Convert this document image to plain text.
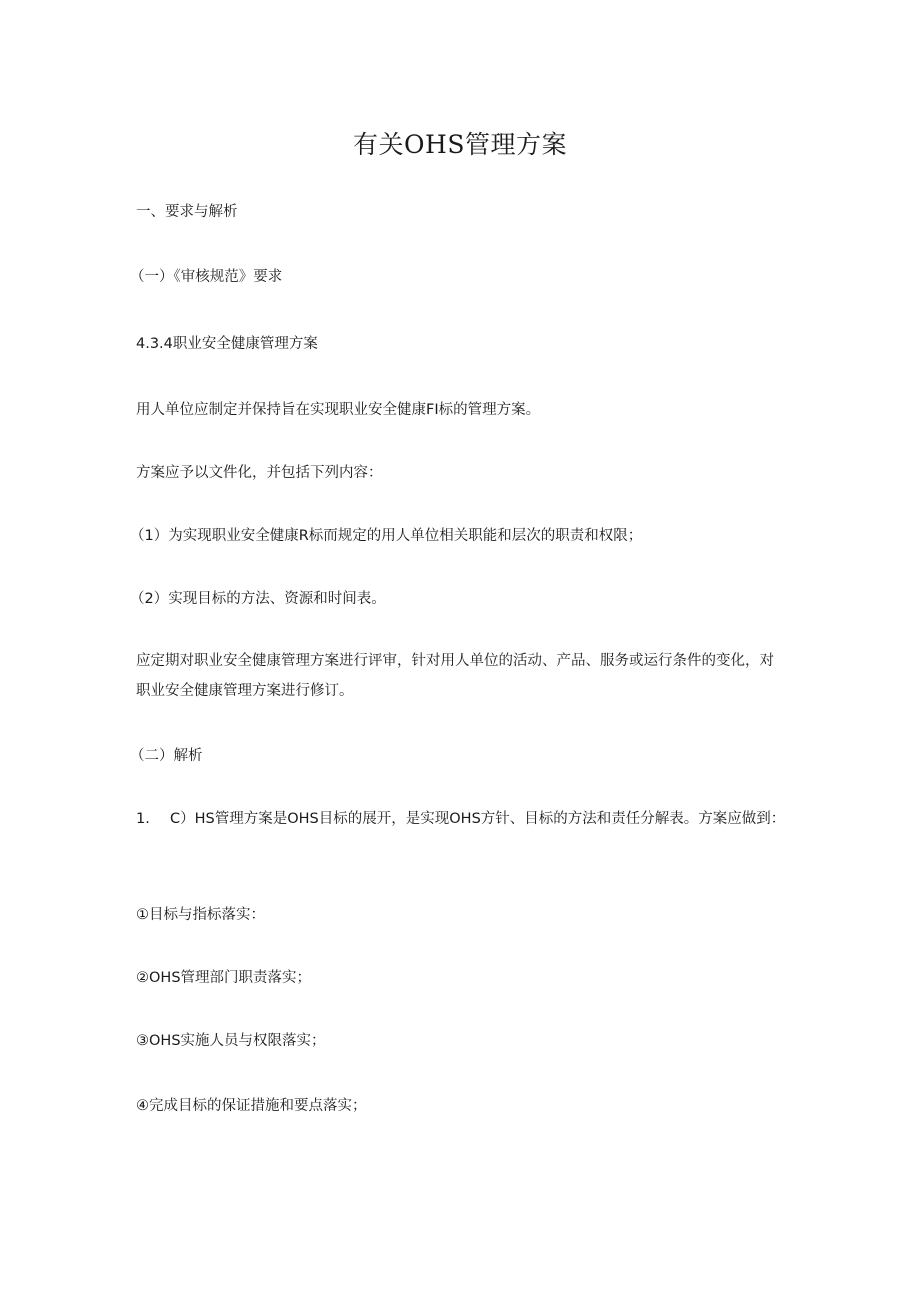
有关OHS管理方案
一、要求与解析
（一）《审核规范》要求
4.3.4职业安全健康管理方案
用人单位应制定并保持旨在实现职业安全健康FI标的管理方案。
方案应予以文件化，并包括下列内容：
（1）为实现职业安全健康R标而规定的用人单位相关职能和层次的职责和权限；
（2）实现目标的方法、资源和时间表。
应定期对职业安全健康管理方案进行评审，针对用人单位的活动、产品、服务或运行条件的变化，对职业安全健康管理方案进行修订。
（二）解析
1. C）HS管理方案是OHS目标的展开，是实现OHS方针、目标的方法和责任分解表。方案应做到：
①目标与指标落实：
②OHS管理部门职责落实；
③OHS实施人员与权限落实；
④完成目标的保证措施和要点落实；
